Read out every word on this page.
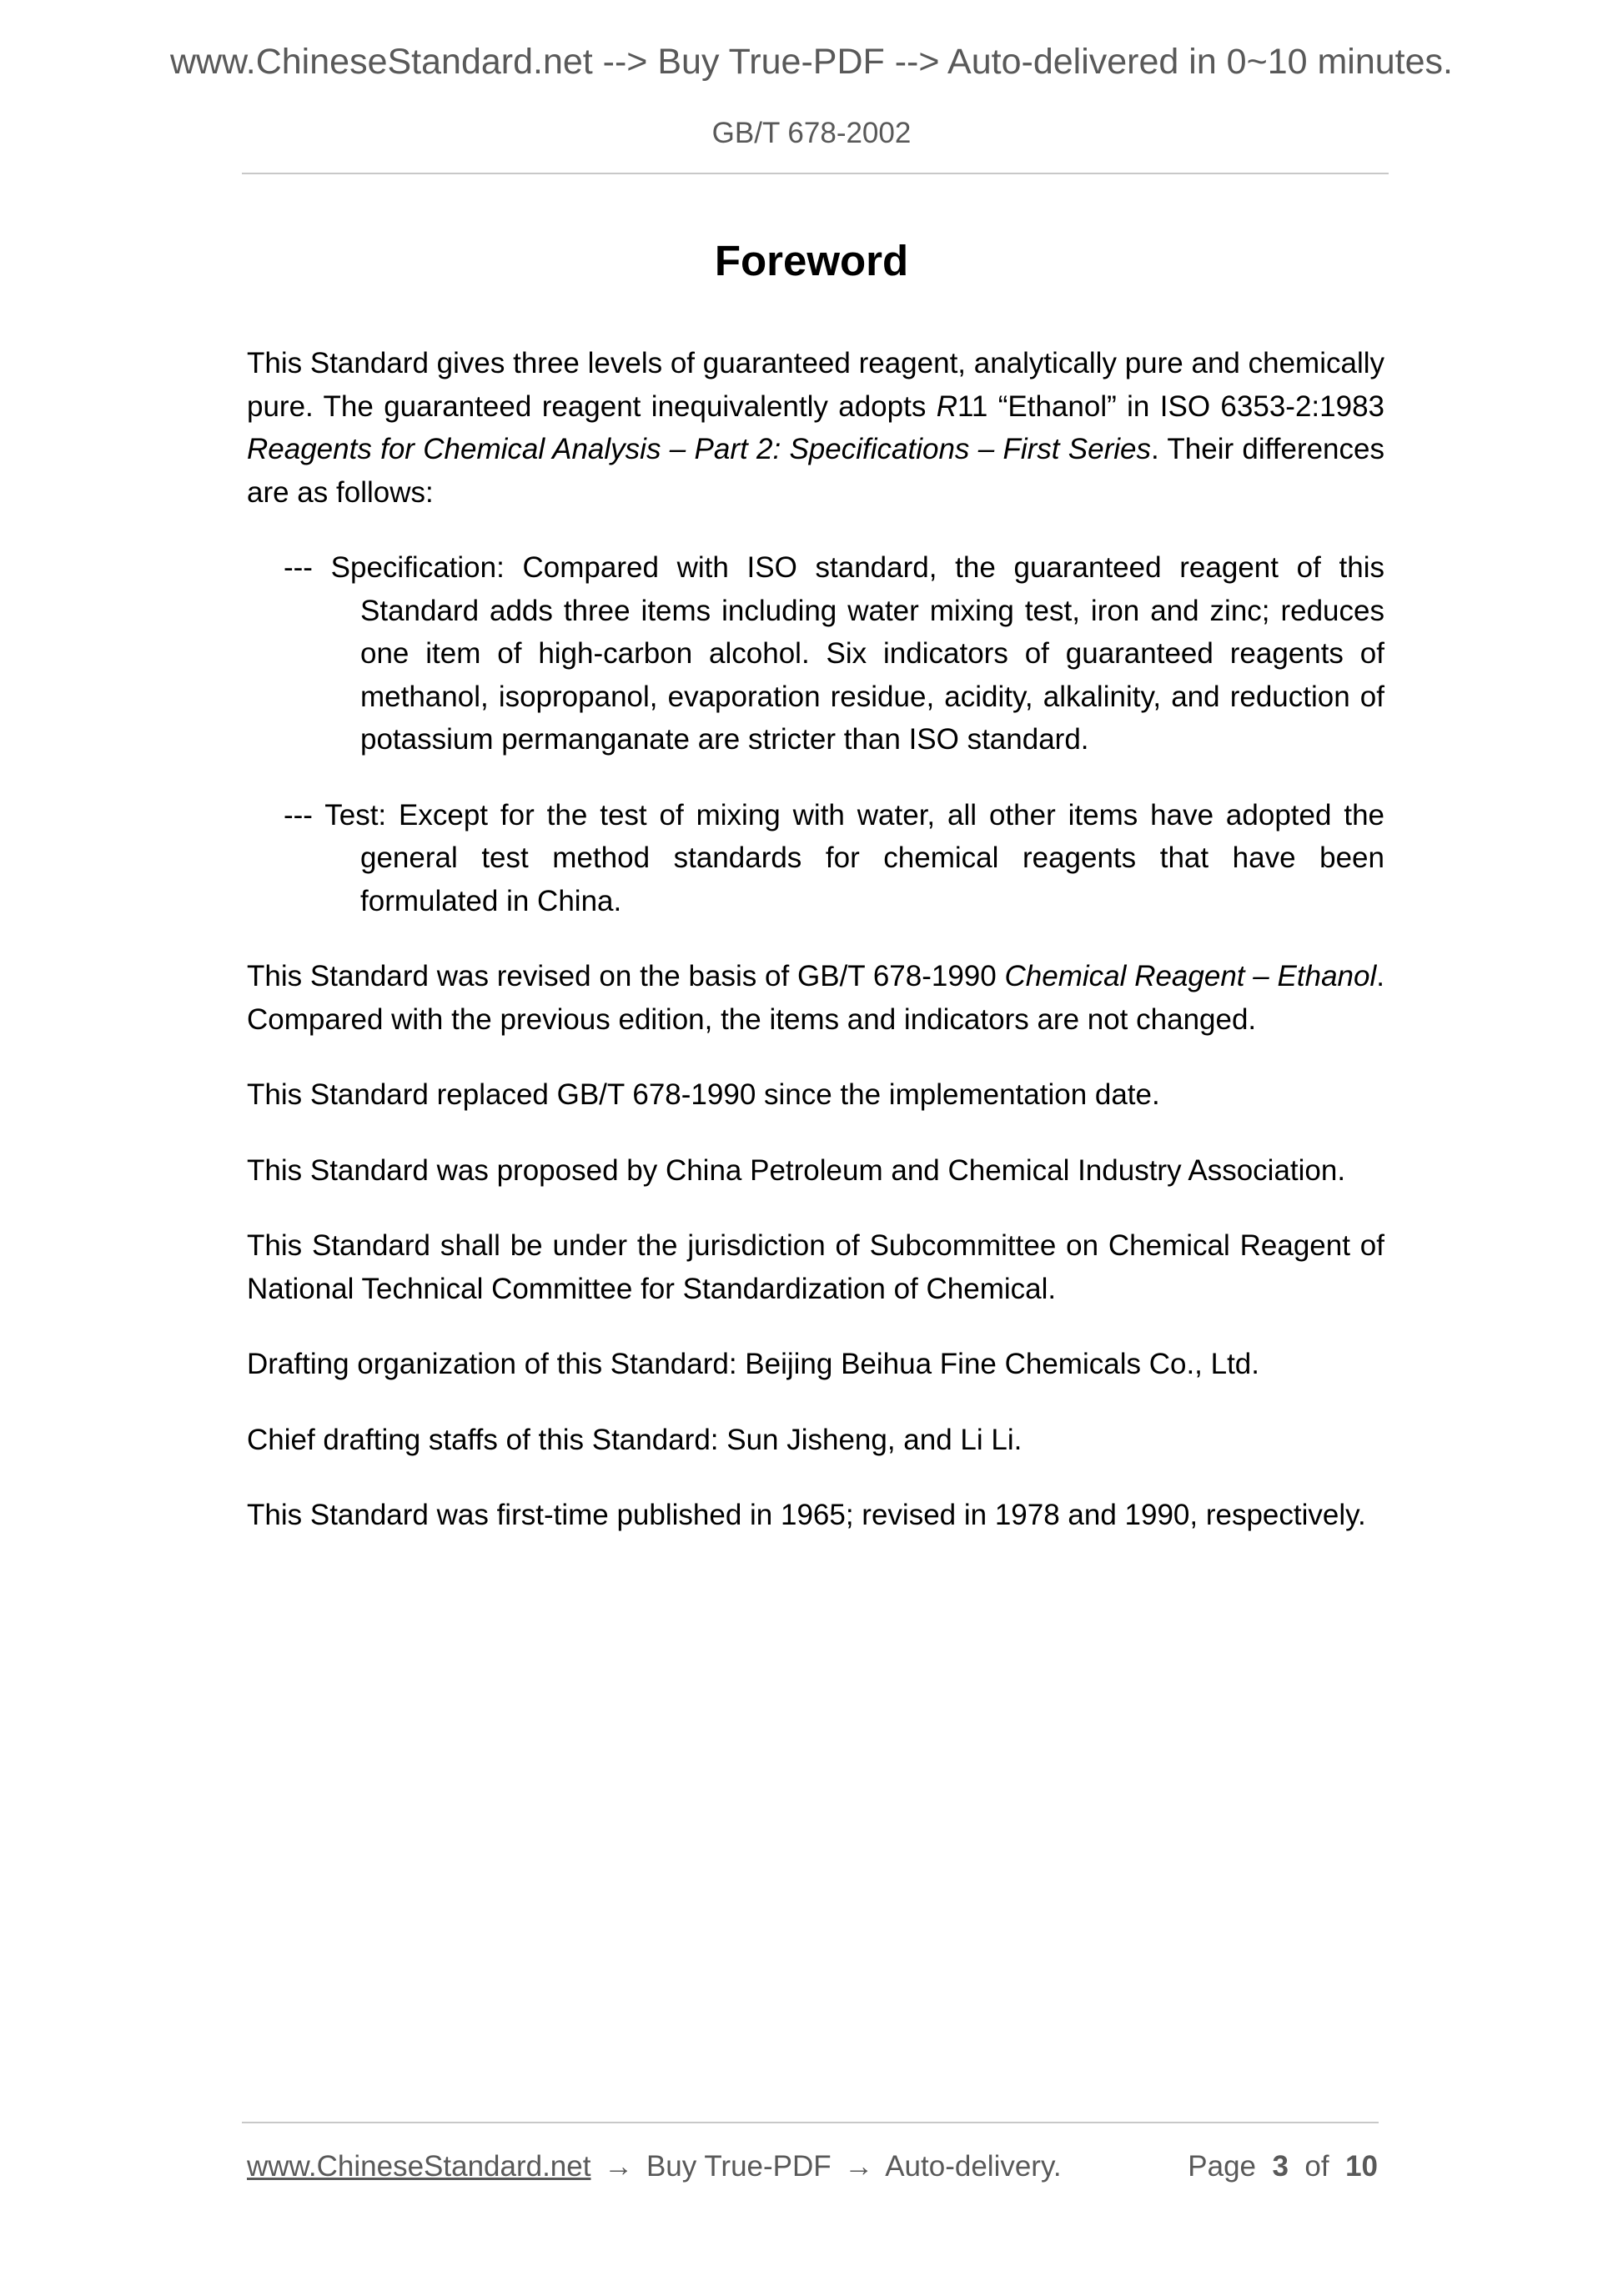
www.ChineseStandard.net --> Buy True-PDF --> Auto-delivered in 0~10 minutes.
GB/T 678-2002
Foreword

This Standard gives three levels of guaranteed reagent, analytically pure and chemically pure. The guaranteed reagent inequivalently adopts R11 “Ethanol” in ISO 6353-2:1983 Reagents for Chemical Analysis – Part 2: Specifications – First Series. Their differences are as follows:

--- Specification: Compared with ISO standard, the guaranteed reagent of this Standard adds three items including water mixing test, iron and zinc; reduces one item of high-carbon alcohol. Six indicators of guaranteed reagents of methanol, isopropanol, evaporation residue, acidity, alkalinity, and reduction of potassium permanganate are stricter than ISO standard.

--- Test: Except for the test of mixing with water, all other items have adopted the general test method standards for chemical reagents that have been formulated in China.

This Standard was revised on the basis of GB/T 678-1990 Chemical Reagent – Ethanol. Compared with the previous edition, the items and indicators are not changed.

This Standard replaced GB/T 678-1990 since the implementation date.

This Standard was proposed by China Petroleum and Chemical Industry Association.

This Standard shall be under the jurisdiction of Subcommittee on Chemical Reagent of National Technical Committee for Standardization of Chemical.

Drafting organization of this Standard: Beijing Beihua Fine Chemicals Co., Ltd.

Chief drafting staffs of this Standard: Sun Jisheng, and Li Li.

This Standard was first-time published in 1965; revised in 1978 and 1990, respectively.

www.ChineseStandard.net → Buy True-PDF → Auto-delivery.	Page 3 of 10
